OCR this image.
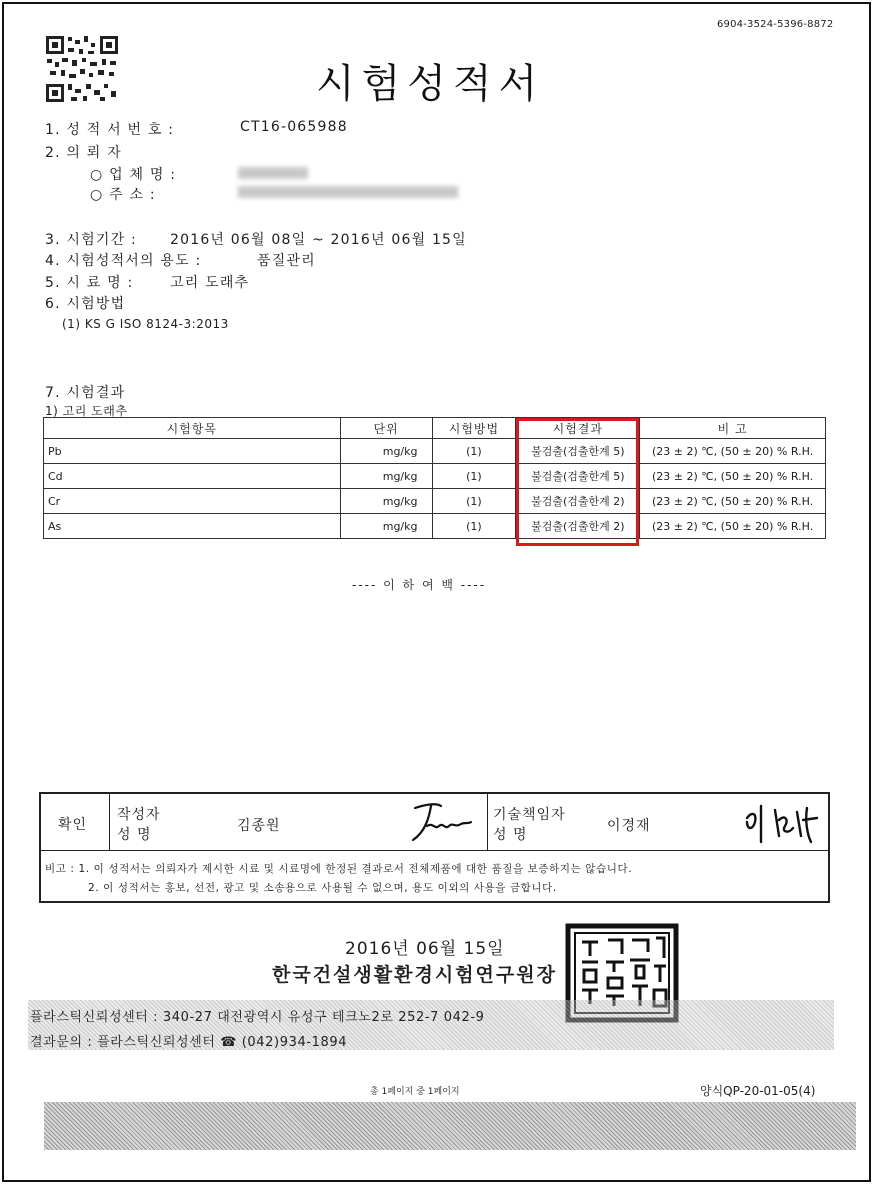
6904-3524-5396-8872
시험성적서
1. 성 적 서 번 호 :	CT16-065988
2. 의 뢰 자
○ 업 체 명 :
○ 주 소 :
3. 시험기간 : 2016년 06월 08일 ~ 2016년 06월 15일
4. 시험성적서의 용도 :	품질관리
5. 시 료 명 :	고리 도래추
6. 시험방법
(1) KS G ISO 8124-3:2013
7. 시험결과
1) 고리 도래추
시험항목	단위	시험방법	시험결과	비 고
Pb	mg/kg	(1)	불검출(검출한계 5)	(23 ± 2) ℃, (50 ± 20) % R.H.
Cd	mg/kg	(1)	불검출(검출한계 5)	(23 ± 2) ℃, (50 ± 20) % R.H.
Cr	mg/kg	(1)	불검출(검출한계 2)	(23 ± 2) ℃, (50 ± 20) % R.H.
As	mg/kg	(1)	불검출(검출한계 2)	(23 ± 2) ℃, (50 ± 20) % R.H.
---- 이 하 여 백 ----
확인
작성자
성 명
김종원
기술책임자
성 명
이경재
비고 : 1. 이 성적서는 의뢰자가 제시한 시료 및 시료명에 한정된 결과로서 전체제품에 대한 품질을 보증하지는 않습니다.
2. 이 성적서는 홍보, 선전, 광고 및 소송용으로 사용될 수 없으며, 용도 이외의 사용을 금합니다.
2016년 06월 15일
한국건설생활환경시험연구원장
플라스틱신뢰성센터 : 340-27 대전광역시 유성구 테크노2로 252-7 042-9
결과문의 : 플라스틱신뢰성센터 ☎ (042)934-1894
총 1페이지 중 1페이지	양식QP-20-01-05(4)
